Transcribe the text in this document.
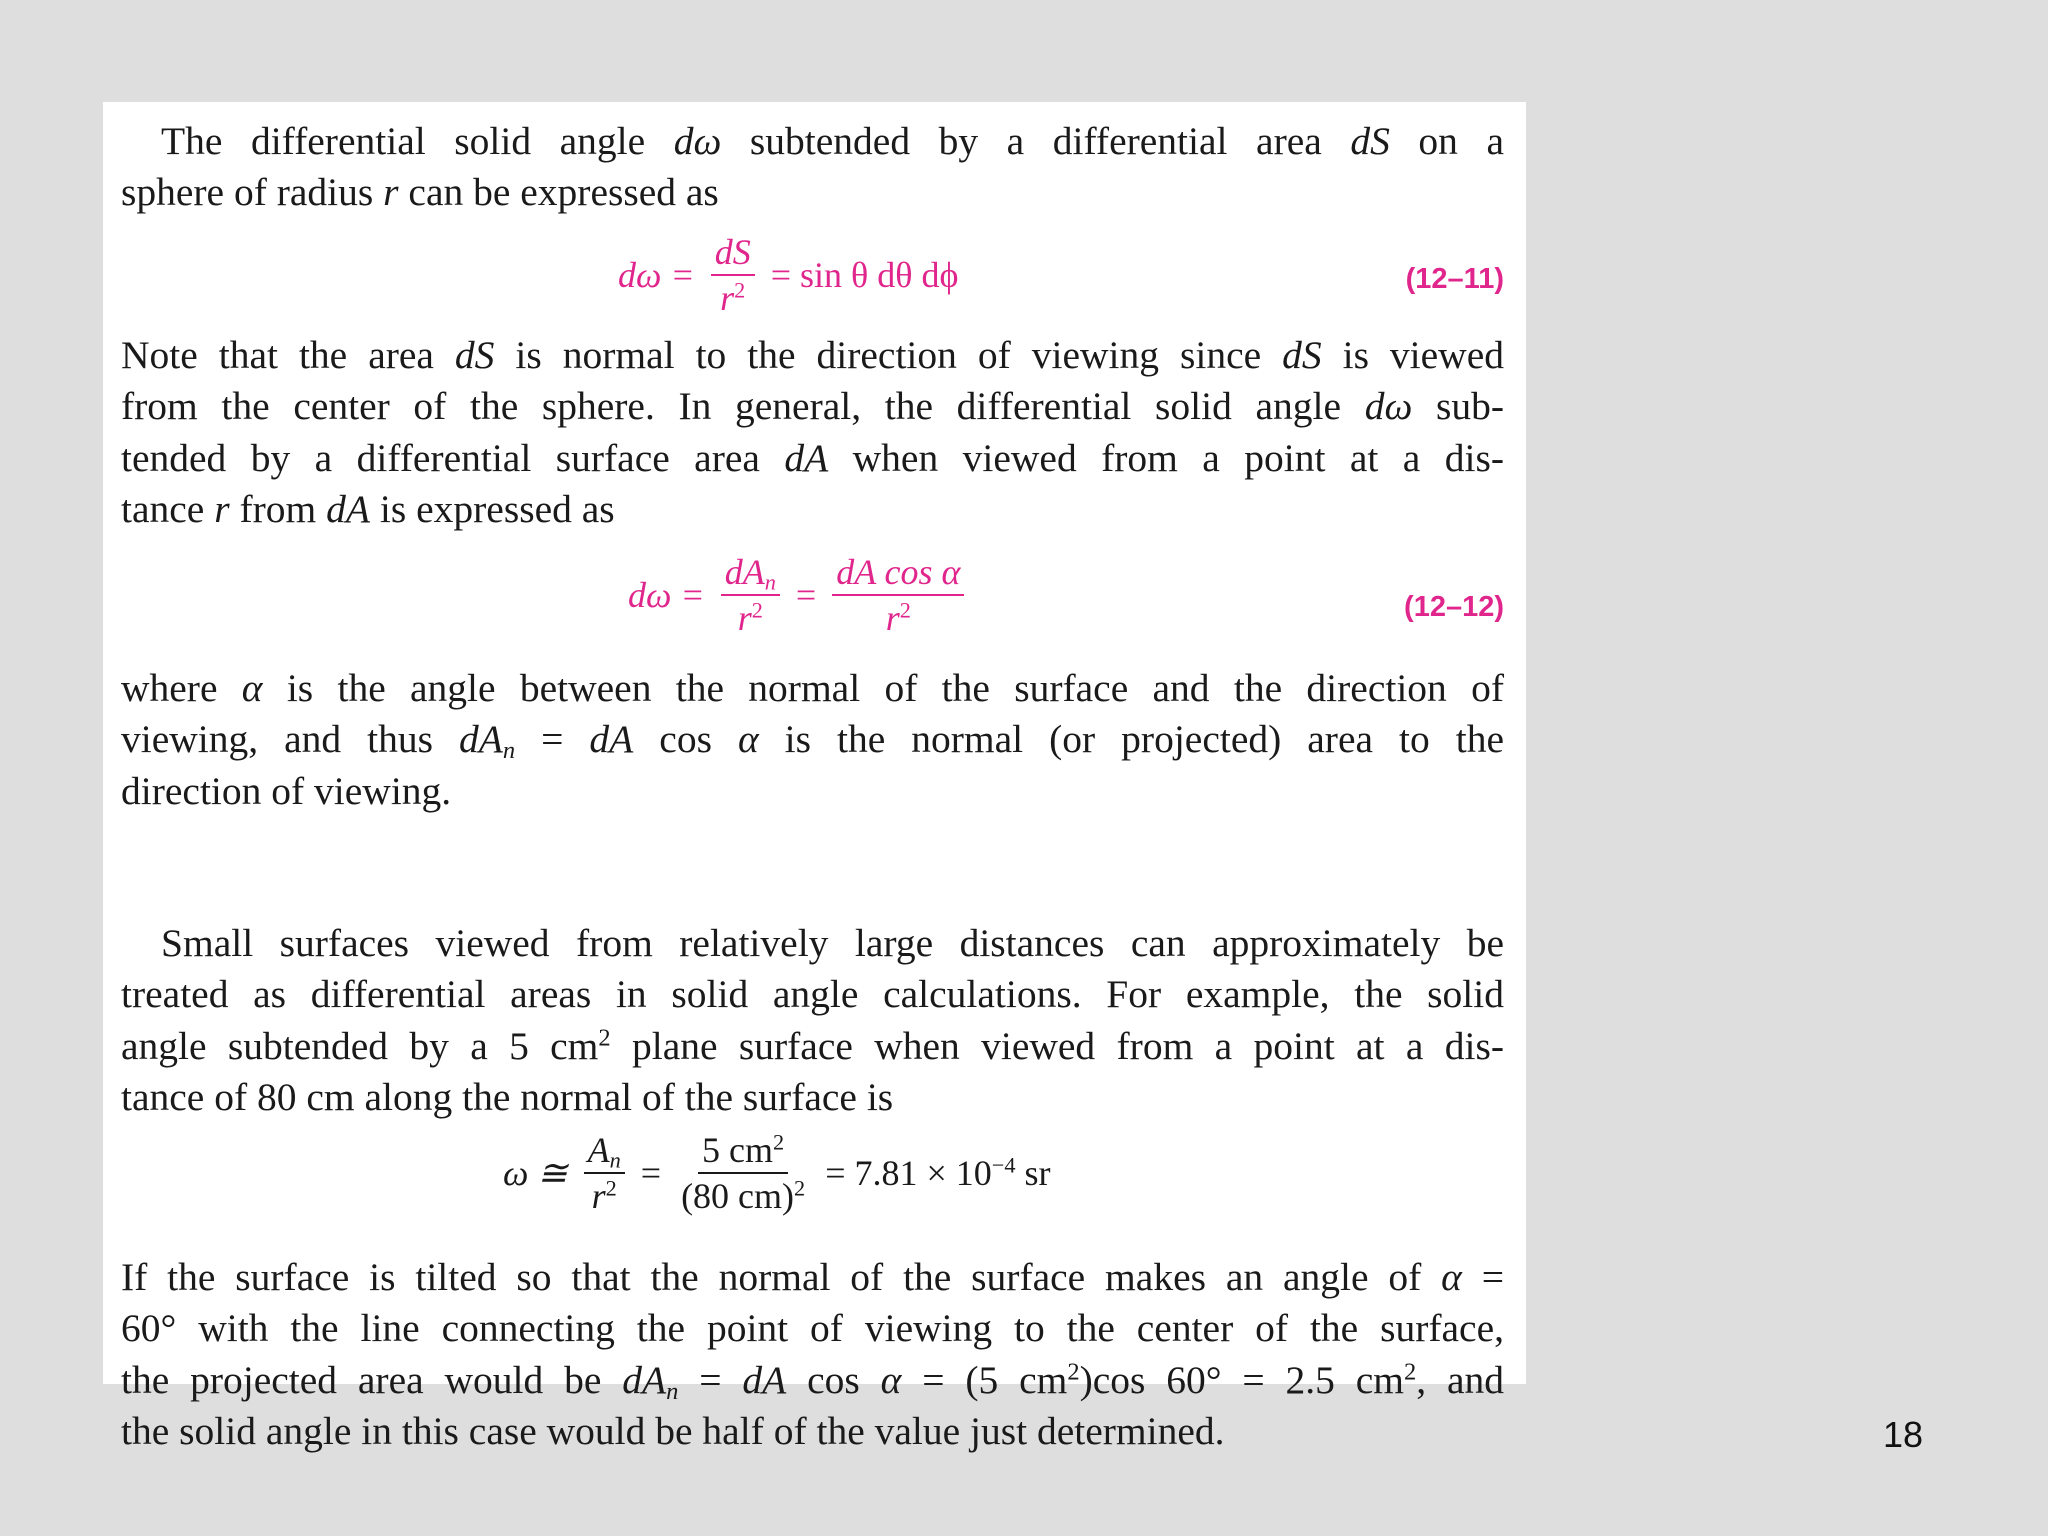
The differential solid angle dω subtended by a differential area dS on a
sphere of radius r can be expressed as
$d\omega = \frac{dS}{r^2} = \sin \theta$ dθ dϕ	(12–11)
Note that the area dS is normal to the direction of viewing since dS is viewed
from the center of the sphere. In general, the differential solid angle dω sub-
tended by a differential surface area dA when viewed from a point at a dis-
tance r from dA is expressed as
$d\omega = \frac{dA_n}{r^2} = \frac{\text{dA cos α}}{r^2}$	(12–12)
where α is the angle between the normal of the surface and the direction of
viewing, and thus $dA_n$ = dA cos α is the normal (or projected) area to the
direction of viewing.
Small surfaces viewed from relatively large distances can approximately be
treated as differential areas in solid angle calculations. For example, the solid
angle subtended by a 5 $cm^2$ plane surface when viewed from a point at a dis-
tance of 80 cm along the normal of the surface is
ω ≅ $\frac{A_n}{r^2} = \frac{5 cm^2}{(80 cm)^2} = 7.81 \times 10^{-4}$ sr
If the surface is tilted so that the normal of the surface makes an angle of α =
60° with the line connecting the point of viewing to the center of the surface,
the projected area would be $dA_n$ = dA cos α = (5 $cm^2)\cos$ 60° = 2.5 $cm^2$, and
the solid angle in this case would be half of the value just determined.	18
